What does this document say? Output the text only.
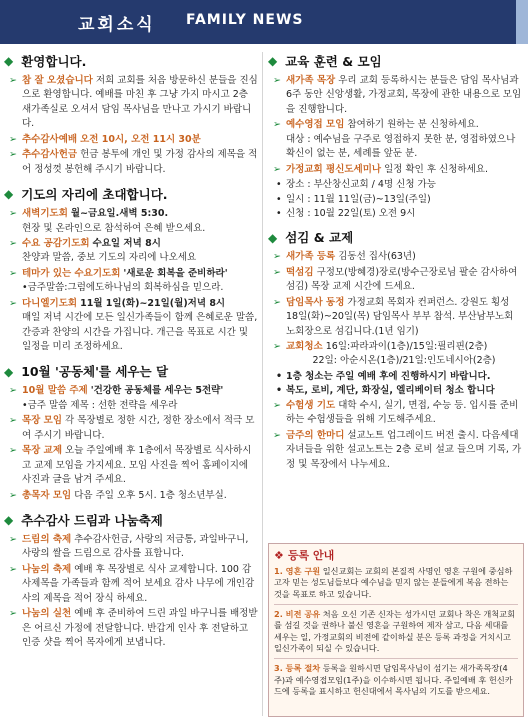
교회소식 FAMILY NEWS
◆ 환영합니다.
➢ 참 잘 오셨습니다 저희 교회를 처음 방문하신 분들을 진심으로 환영합니다. 예배를 마친 후 그냥 가지 마시고 2층 새가족실로 오셔서 담임 목사님을 만나고 가시기 바랍니다.
➢ 추수감사예배 오전 10시, 오전 11시 30분
➢ 추수감사헌금 헌금 봉투에 개인 및 가정 감사의 제목을 적어 정성껏 봉헌해 주시기 바랍니다.
◆ 기도의 자리에 초대합니다.
➢ 새벽기도회 월~금요일.새벽 5:30.
현장 및 온라인으로 참석하여 은혜 받으세요.
➢ 수요 공감기도회 수요일 저녁 8시
찬양과 말씀, 중보 기도의 자리에 나오세요
➢ 테마가 있는 수요기도회 '새로운 회복을 준비하라'
•금주말씀:그럼에도하나님의 회복하심을 믿으라.
➢ 다니엘기도회 11월 1일(화)~21일(월)저녁 8시
매일 저녁 시간에 모든 일신가족들이 함께 은혜로운 말씀, 간증과 찬양의 시간을 가집니다. 개근을 목표로 시간 및 일정을 미리 조정하세요.
◆ 10월 '공동체'를 세우는 달
➢ 10월 말씀 주제 '건강한 공동체를 세우는 5전략'
•금주 말씀 제목 : 선한 전략을 세우라
➢ 목장 모임 각 목장별로 정한 시간, 정한 장소에서 적극 모여 주시기 바랍니다.
➢ 목장 교제 오늘 주일예배 후 1층에서 목장별로 식사하시고 교제 모임을 가지세요. 모임 사진을 찍어 홈페이지에 사진과 글을 남겨 주세요.
➢ 총목자 모임 다음 주일 오후 5시. 1층 청소년부실.
◆ 추수감사 드림과 나눔축제
➢ 드림의 축제 추수감사헌금, 사랑의 저금통, 과일바구니, 사랑의 쌀을 드림으로 감사를 표합니다.
➢ 나눔의 축제 예배 후 목장별로 식사 교제합니다. 100 감사제목을 가족들과 함께 적어 보세요 감사 나무에 개인감사의 제목을 적어 장식 하세요.
➢ 나눔의 실천 예배 후 준비하여 드린 과일 바구니를 배정받은 어르신 가정에 전달합니다. 반갑게 인사 후 전달하고 인증 샷을 찍어 목자에게 보냅니다.
◆ 교육 훈련 & 모임
➢ 새가족 목장 우리 교회 등록하시는 분들은 담임 목사님과 6주 동안 신앙생활, 가정교회, 목장에 관한 내용으로 모임을 진행합니다.
➢ 예수영접 모임 참여하기 원하는 분 신청하세요.
대상 : 예수님을 구주로 영접하지 못한 분, 영접하였으나 확신이 없는 분, 세례를 앞둔 분.
➢ 가정교회 평신도세미나 일정 확인 후 신청하세요.
• 장소 : 부산창신교회 / 4명 신청 가능
• 일시 : 11월 11일(금)~13일(주일)
• 신청 : 10월 22일(토) 오전 9시
◆ 섬김 & 교제
➢ 새가족 등록 김동선 집사(63년)
➢ 떡섬김 구정모(방혜경)장로(방수근장로님 팔순 감사하여 섬김) 목장 교제 시간에 드세요.
➢ 담임목사 동정 가정교회 목회자 컨퍼런스. 강원도 횡성 18일(화)~20일(목) 담임목사 부부 참석. 부산남부노회 노회장으로 섬깁니다.(1년 임기)
➢ 교회청소 16일:파라과이(1층)/15일:필리핀(2층)

22일: 아순시온(1층)/21일:인도네시아(2층)
• 1층 청소는 주일 예배 후에 진행하시기 바랍니다.
• 복도, 로비, 계단, 화장실, 엘리베이터 청소 합니다
➢ 수험생 기도 대학 수시, 실기, 면접, 수능 등. 입시를 준비하는 수험생들을 위해 기도해주세요.
➢ 금주의 한마디 설교노트 업그레이드 버전 출시. 다음세대 자녀들을 위한 설교노트는 2층 로비 설교 들으며 기록, 가정 및 목장에서 나누세요.
❖ 등록 안내
1. 영혼 구원 일신교회는 교회의 본질적 사명인 영혼 구원에 중심하고자 믿는 성도님들보다 예수님을 믿지 않는 분들에게 복음 전하는 것을 목표로 하고 있습니다.
2. 비전 공유 처음 오신 기존 신자는 성가시던 교회나 착은 개척교회를 섬길 것을 권하나 불신 영혼을 구원하여 제자 삼고, 다음 세대를 세우는 일, 가정교회의 비전에 같이하실 분은 등록 과정을 거치시고 일신가족이 되실 수 있습니다.
3. 등록 절차 등록을 원하시면 담임목사님이 섬기는 새가족목장(4주)과 예수영접모임(1주)을 이수하시면 됩니다. 주일예배 후 헌신카드에 등록을 표시하고 헌신대에서 목사님의 기도를 받으세요.
